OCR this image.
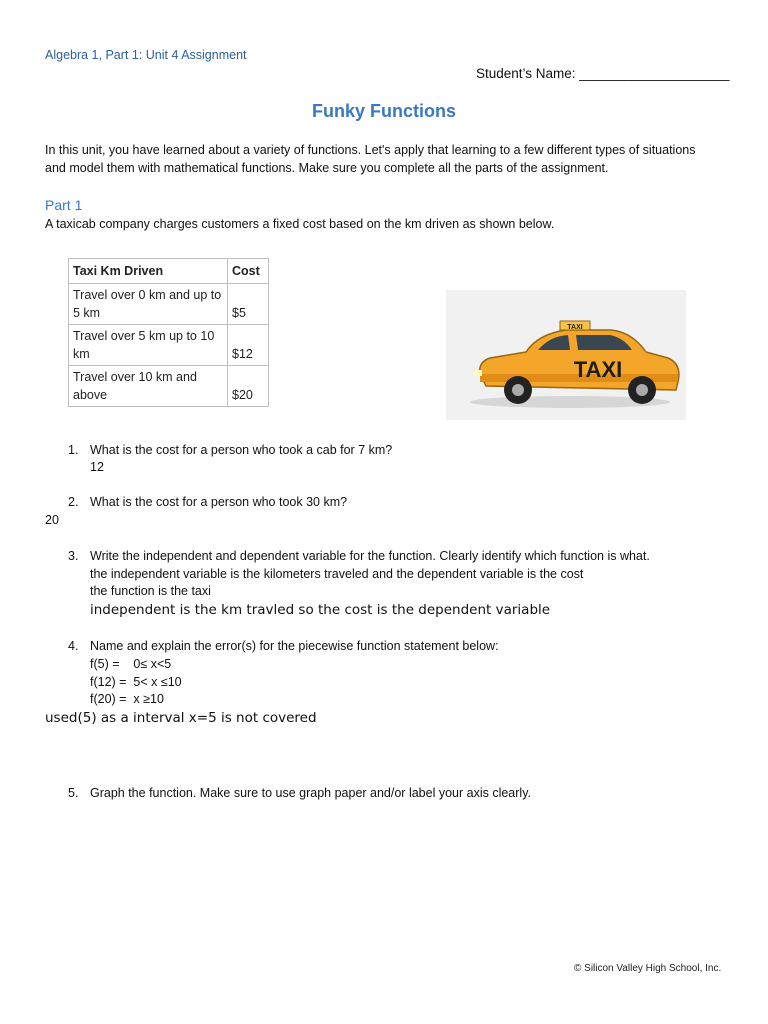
Algebra 1, Part 1: Unit 4 Assignment
Student’s Name: ____________________
Funky Functions
In this unit, you have learned about a variety of functions. Let's apply that learning to a few different types of situations
and model them with mathematical functions. Make sure you complete all the parts of the assignment.
Part 1
A taxicab company charges customers a fixed cost based on the km driven as shown below.
Taxi Km Driven	Cost

Travel over 0 km and up to
5 km	$5

Travel over 5 km up to 10
km	$12

Travel over 10 km and
above	$20
TAXI
TAXI
1. What is the cost for a person who took a cab for 7 km?
12
2. What is the cost for a person who took 30 km?
20
3. Write the independent and dependent variable for the function. Clearly identify which function is what.
the independent variable is the kilometers traveled and the dependent variable is the cost
the function is the taxi
independent is the km travled so the cost is the dependent variable
4. Name and explain the error(s) for the piecewise function statement below:
f(5) =    0≤ x<5
f(12) =  5< x ≤10
f(20) =  x ≥10
used(5) as a interval x=5 is not covered
5. Graph the function. Make sure to use graph paper and/or label your axis clearly.
© Silicon Valley High School, Inc.
